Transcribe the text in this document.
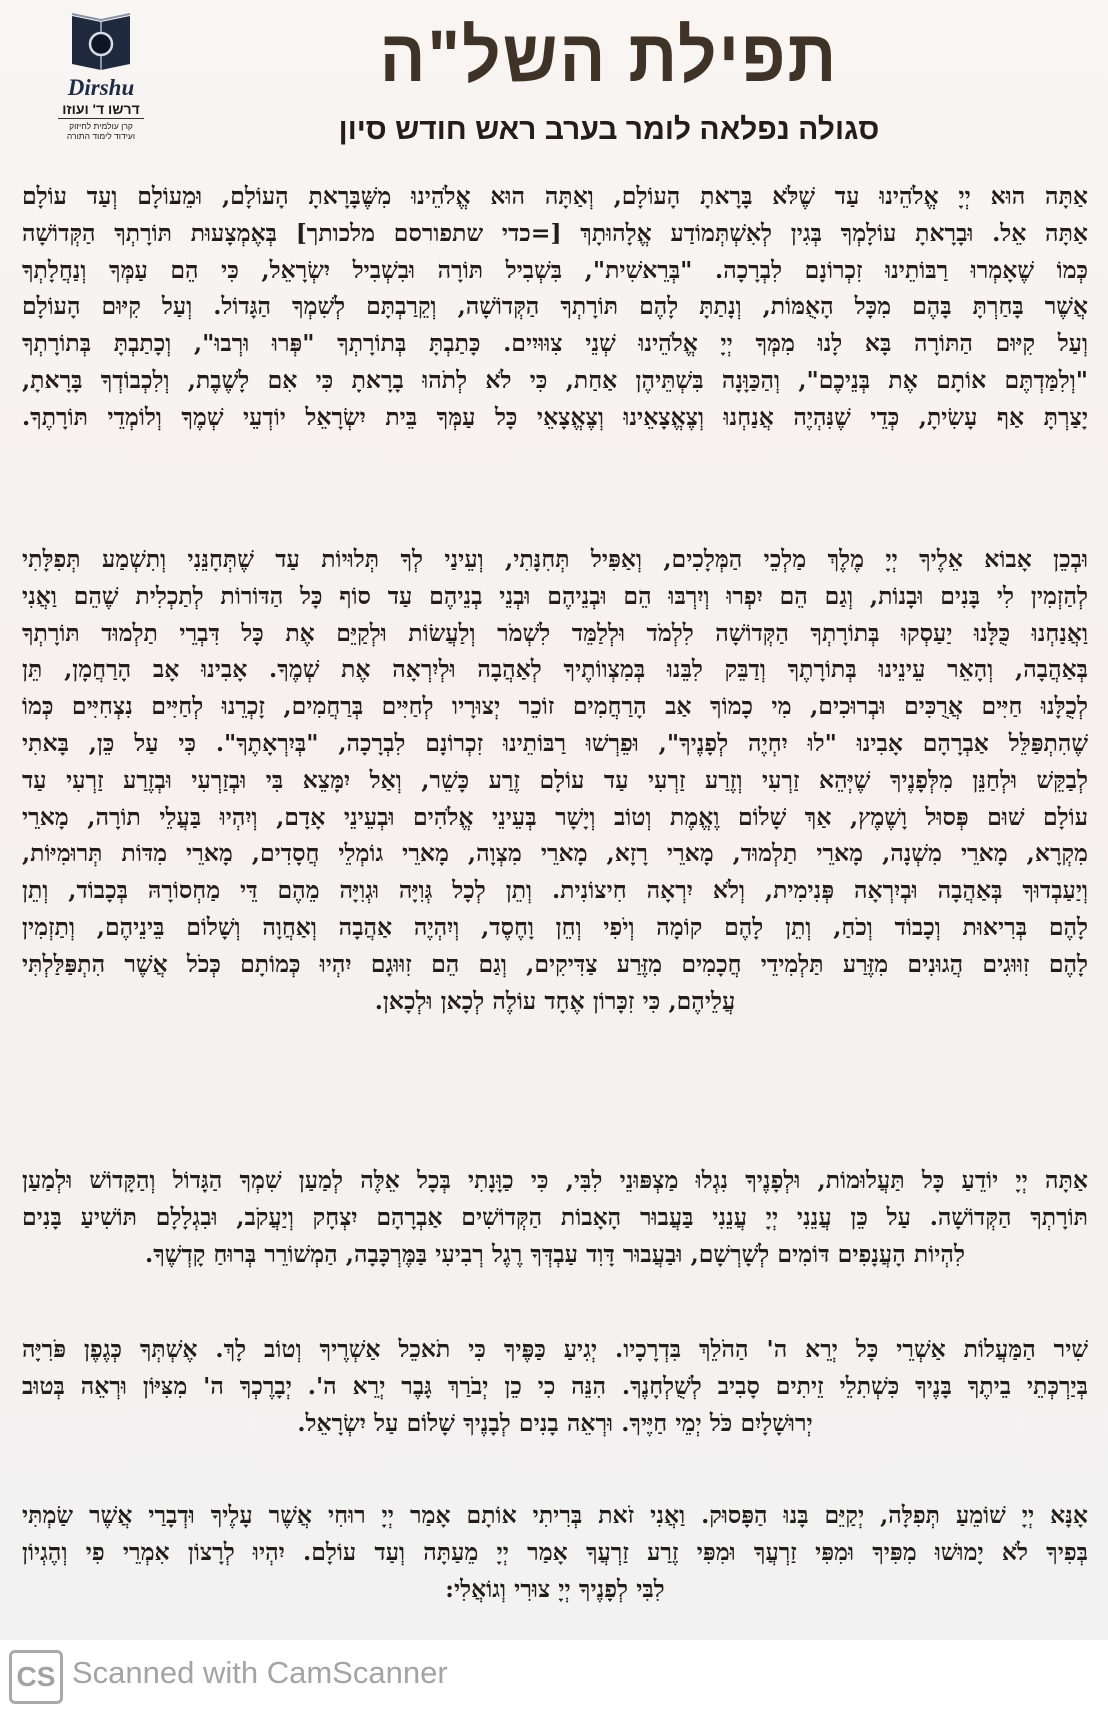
Dirshu
דרשו ד' ועוזו
קרן עולמית לחיזוק
ועידוד לימוד התורה
תפילת השל"ה
סגולה נפלאה לומר בערב ראש חודש סיון
אַתָּה הוּא יְיָ אֱלֹהֵינוּ עַד שֶׁלֹּא בָּרָאתָ הָעוֹלָם, וְאַתָּה הוּא אֱלֹהֵינוּ מִשֶּׁבָּרָאתָ הָעוֹלָם, וּמֵעוֹלָם וְעַד עוֹלָם
אַתָּה אֵל. וּבָרָאתָ עוֹלָמְךָ בְּגִין לְאִשְׁתְּמוֹדַע אֱלָהוּתָךְ [=כדי שתפורסם מלכותך] בְּאֶמְצָעוּת תּוֹרָתְךָ הַקְּדוֹשָׁה
כְּמוֹ שֶׁאָמְרוּ רַבּוֹתֵינוּ זִכְרוֹנָם לִבְרָכָה. "בְּרֵאשִׁית", בִּשְׁבִיל תּוֹרָה וּבִשְׁבִיל יִשְׂרָאֵל, כִּי הֵם עַמְּךָ וְנַחֲלָתְךָ
אֲשֶׁר בָּחַרְתָּ בָּהֶם מִכָּל הָאֻמּוֹת, וְנָתַתָּ לָהֶם תּוֹרָתְךָ הַקְּדוֹשָׁה, וְקֵרַבְתָּם לְשִׁמְךָ הַגָּדוֹל. וְעַל קִיּוּם הָעוֹלָם
וְעַל קִיּוּם הַתּוֹרָה בָּא לָנוּ מִמְּךָ יְיָ אֱלֹהֵינוּ שְׁנֵי צִוּוּיִים. כָּתַבְתָּ בְּתוֹרָתְךָ "פְּרוּ וּרְבוּ", וְכָתַבְתָּ בְּתוֹרָתְךָ
"וְלִמַּדְתֶּם אוֹתָם אֶת בְּנֵיכֶם", וְהַכַּוָּנָה בִּשְׁתֵּיהֶן אַחַת, כִּי לֹא לְתֹהוּ בָרָאתָ כִּי אִם לָשֶׁבֶת, וְלִכְבוֹדְךָ בָּרָאתָ,
יָצַרְתָּ אַף עָשִׂיתָ, כְּדֵי שֶׁנִּהְיֶה אֲנַחְנוּ וְצֶאֱצָאֵינוּ וְצֶאֱצָאֵי כָּל עַמְּךָ בֵּית יִשְׂרָאֵל יוֹדְעֵי שְׁמֶךָ וְלוֹמְדֵי תּוֹרָתֶךָ.
וּבְכֵן אָבוֹא אֵלֶיךָ יְיָ מֶלֶךְ מַלְכֵי הַמְּלָכִים, וְאַפִּיל תְּחִנָּתִי, וְעֵינַי לְךָ תְּלוּיוֹת עַד שֶׁתְּחָנֵּנִי וְתִשְׁמַע תְּפִלָּתִי
לְהַזְמִין לִי בָּנִים וּבָנוֹת, וְגַם הֵם יִפְרוּ וְיִרְבּוּ הֵם וּבְנֵיהֶם וּבְנֵי בְנֵיהֶם עַד סוֹף כָּל הַדּוֹרוֹת לְתַכְלִית שֶׁהֵם וַאֲנִי
וַאֲנַחְנוּ כֻּלָּנוּ יַעַסְקוּ בְּתוֹרָתְךָ הַקְּדוֹשָׁה לִלְמֹד וּלְלַמֵּד לִשְׁמֹר וְלַעֲשׂוֹת וּלְקַיֵּם אֶת כָּל דִּבְרֵי תַלְמוּד תּוֹרָתְךָ
בְּאַהֲבָה, וְהָאֵר עֵינֵינוּ בְּתוֹרָתֶךָ וְדַבֵּק לִבֵּנוּ בְּמִצְווֹתֶיךָ לְאַהֲבָה וּלְיִרְאָה אֶת שְׁמֶךָ. אָבִינוּ אָב הָרַחֲמָן, תֵּן
לְכֻלָּנוּ חַיִּים אֲרֻכִּים וּבְרוּכִים, מִי כָמוֹךָ אַב הָרַחֲמִים זוֹכֵר יְצוּרָיו לְחַיִּים בְּרַחֲמִים, זָכְרֵנוּ לְחַיִּים נִצְחִיִּים כְּמוֹ
שֶׁהִתְפַּלֵּל אַבְרָהָם אָבִינוּ "לוּ יִחְיֶה לְפָנֶיךָ", וּפֵרְשׁוּ רַבּוֹתֵינוּ זִכְרוֹנָם לִבְרָכָה, "בְּיִרְאָתֶךָ". כִּי עַל כֵּן, בָּאתִי
לְבַקֵּשׁ וּלְחַנֵּן מִלְּפָנֶיךָ שֶׁיְּהֵא זַרְעִי וְזֶרַע זַרְעִי עַד עוֹלָם זֶרַע כָּשֵׁר, וְאַל יִמָּצֵא בִּי וּבְזַרְעִי וּבְזֶרַע זַרְעִי עַד
עוֹלָם שׁוּם פְּסוּל וָשֶׁמֶץ, אַךְ שָׁלוֹם וֶאֱמֶת וְטוֹב וְיָשָׁר בְּעֵינֵי אֱלֹהִים וּבְעֵינֵי אָדָם, וְיִהְיוּ בַּעֲלֵי תוֹרָה, מָארֵי
מִקְרָא, מָארֵי מִשְׁנָה, מָארֵי תַלְמוּד, מָארֵי רָזָא, מָארֵי מִצְוָה, מָארֵי גוֹמְלֵי חֲסָדִים, מָארֵי מִדּוֹת תְּרוּמִיּוֹת,
וְיַעַבְדוּךָ בְּאַהֲבָה וּבְיִרְאָה פְּנִימִית, וְלֹא יִרְאָה חִיצוֹנִית. וְתֵן לְכָל גְּוִיָּה וּגְוִיָּה מֵהֶם דֵּי מַחְסוֹרָהּ בְּכָבוֹד, וְתֵן
לָהֶם בְּרִיאוּת וְכָבוֹד וְכֹחַ, וְתֵן לָהֶם קוֹמָה וְיֹפִי וְחֵן וָחֶסֶד, וְיִהְיֶה אַהֲבָה וְאַחֲוָה וְשָׁלוֹם בֵּינֵיהֶם, וְתַזְמִין
לָהֶם זִוּוּגִים הֲגוּנִים מִזֶּרַע תַּלְמִידֵי חֲכָמִים מִזֶּרַע צַדִּיקִים, וְגַם הֵם זִוּוּגָם יִהְיוּ כְּמוֹתָם כְּכֹל אֲשֶׁר הִתְפַּלַּלְתִּי
עֲלֵיהֶם, כִּי זִכָּרוֹן אֶחָד עוֹלֶה לְכָאן וּלְכָאן.
אַתָּה יְיָ יוֹדֵעַ כָּל תַּעֲלוּמוֹת, וּלְפָנֶיךָ נִגְלוּ מַצְפּוּנֵי לִבִּי, כִּי כַוָּנָתִי בְּכָל אֵלֶּה לְמַעַן שִׁמְךָ הַגָּדוֹל וְהַקָּדוֹשׁ וּלְמַעַן
תּוֹרָתְךָ הַקְּדוֹשָׁה. עַל כֵּן עֲנֵנִי יְיָ עֲנֵנִי בַּעֲבוּר הָאָבוֹת הַקְּדוֹשִׁים אַבְרָהָם יִצְחָק וְיַעֲקֹב, וּבִגְלָלָם תּוֹשִׁיעַ בָּנִים
לִהְיוֹת הָעֲנָפִים דּוֹמִים לְשָׁרְשָׁם, וּבַעֲבוּר דָּוִד עַבְדְּךָ רֶגֶל רְבִיעִי בַּמֶּרְכָּבָה, הַמְשׁוֹרֵר בְּרוּחַ קָדְשֶׁךָ.
שִׁיר הַמַּעֲלוֹת אַשְׁרֵי כָּל יְרֵא ה' הַהֹלֵךְ בִּדְרָכָיו. יְגִיעַ כַּפֶּיךָ כִּי תֹאכֵל אַשְׁרֶיךָ וְטוֹב לָךְ. אֶשְׁתְּךָ כְּגֶפֶן פֹּרִיָּה
בְּיַרְכְּתֵי בֵיתֶךָ בָּנֶיךָ כִּשְׁתִלֵי זֵיתִים סָבִיב לְשֻׁלְחָנֶךָ. הִנֵּה כִי כֵן יְבֹרַךְ גָּבֶר יְרֵא ה'. יְבָרֶכְךָ ה' מִצִּיּוֹן וּרְאֵה בְּטוּב
יְרוּשָׁלָיִם כֹּל יְמֵי חַיֶּיךָ. וּרְאֵה בָנִים לְבָנֶיךָ שָׁלוֹם עַל יִשְׂרָאֵל.
אָנָּא יְיָ שׁוֹמֵעַ תְּפִלָּה, יְקַיֵּם בָּנוּ הַפָּסוּק. וַאֲנִי זֹאת בְּרִיתִי אוֹתָם אָמַר יְיָ רוּחִי אֲשֶׁר עָלֶיךָ וּדְבָרַי אֲשֶׁר שַׂמְתִּי
בְּפִיךָ לֹא יָמוּשׁוּ מִפִּיךָ וּמִפִּי זַרְעֲךָ וּמִפִּי זֶרַע זַרְעֲךָ אָמַר יְיָ מֵעַתָּה וְעַד עוֹלָם. יִהְיוּ לְרָצוֹן אִמְרֵי פִי וְהֶגְיוֹן
לִבִּי לְפָנֶיךָ יְיָ צוּרִי וְגוֹאֲלִי:
CS Scanned with CamScanner
